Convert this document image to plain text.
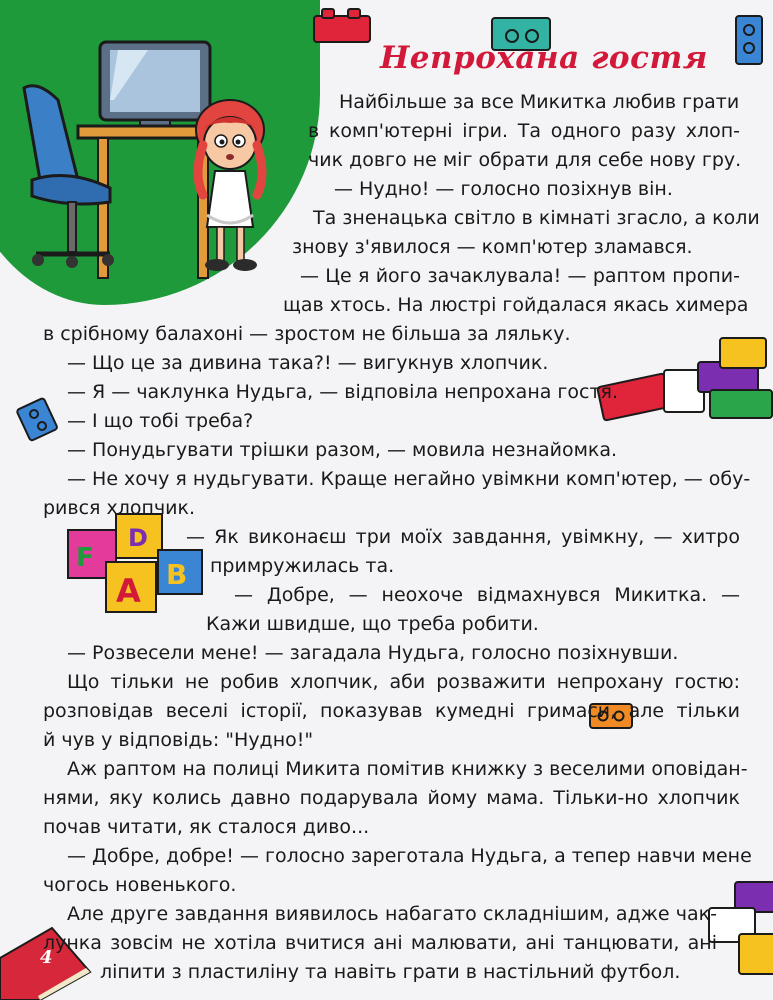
F
D
B
A
Непрохана гостя
Найбільше за все Микитка любив грати
в комп'ютерні ігри. Та одного разу хлоп-
чик довго не міг обрати для себе нову гру.
— Нудно! — голосно позіхнув він.
Та зненацька світло в кімнаті згасло, а коли
знову з'явилося — комп'ютер зламався.
— Це я його зачаклувала! — раптом пропи-
щав хтось. На люстрі гойдалася якась химера
в срібному балахоні — зростом не більша за ляльку.
— Що це за дивина така?! — вигукнув хлопчик.
— Я — чаклунка Нудьга, — відповіла непрохана гостя.
— І що тобі треба?
— Понудьгувати трішки разом, — мовила незнайомка.
— Не хочу я нудьгувати. Краще негайно увімкни комп'ютер, — обу-
рився хлопчик.
— Як виконаєш три моїх завдання, увімкну, — хитро
примружилась та.
— Добре, — неохоче відмахнувся Микитка. —
Кажи швидше, що треба робити.
— Розвесели мене! — загадала Нудьга, голосно позіхнувши.
Що тільки не робив хлопчик, аби розважити непрохану гостю:
розповідав веселі історії, показував кумедні гримаси, але тільки
й чув у відповідь: "Нудно!"
Аж раптом на полиці Микита помітив книжку з веселими оповідан-
нями, яку колись давно подарувала йому мама. Тільки-но хлопчик
почав читати, як сталося диво...
— Добре, добре! — голосно зареготала Нудьга, а тепер навчи мене
чогось новенького.
Але друге завдання виявилось набагато складнішим, адже чак-
лунка зовсім не хотіла вчитися ані малювати, ані танцювати, ані
ліпити з пластиліну та навіть грати в настільний футбол.
4
